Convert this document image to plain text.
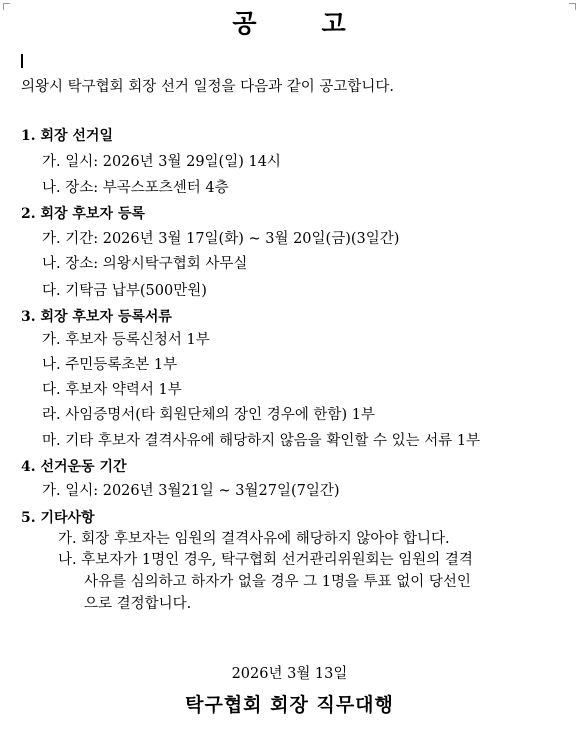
공	고
의왕시 탁구협회 회장 선거 일정을 다음과 같이 공고합니다.
1. 회장 선거일
가. 일시: 2026년 3월 29일(일) 14시
나. 장소: 부곡스포츠센터 4층
2. 회장 후보자 등록
가. 기간: 2026년 3월 17일(화) ~ 3월 20일(금)(3일간)
나. 장소: 의왕시탁구협회 사무실
다. 기탁금 납부(500만원)
3. 회장 후보자 등록서류
가. 후보자 등록신청서 1부
나. 주민등록초본 1부
다. 후보자 약력서 1부
라. 사임증명서(타 회원단체의 장인 경우에 한함) 1부
마. 기타 후보자 결격사유에 해당하지 않음을 확인할 수 있는 서류 1부
4. 선거운동 기간
가. 일시: 2026년 3월21일 ~ 3월27일(7일간)
5. 기타사항
가. 회장 후보자는 임원의 결격사유에 해당하지 않아야 합니다.
나. 후보자가 1명인 경우, 탁구협회 선거관리위원회는 임원의 결격
사유를 심의하고 하자가 없을 경우 그 1명을 투표 없이 당선인
으로 결정합니다.
2026년 3월 13일
탁구협회 회장 직무대행
